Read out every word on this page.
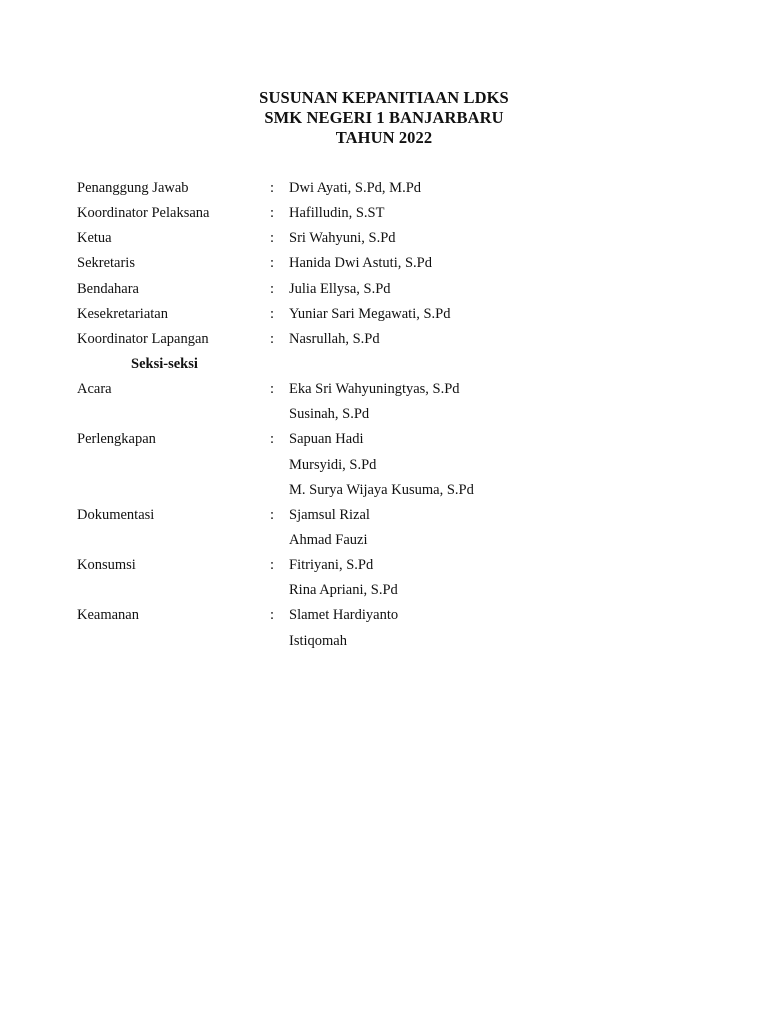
SUSUNAN KEPANITIAAN LDKS
SMK NEGERI 1 BANJARBARU
TAHUN 2022
Penanggung Jawab	: Dwi Ayati, S.Pd, M.Pd
Koordinator Pelaksana	: Hafilludin, S.ST
Ketua	: Sri Wahyuni, S.Pd
Sekretaris	: Hanida Dwi Astuti, S.Pd
Bendahara	: Julia Ellysa, S.Pd
Kesekretariatan	: Yuniar Sari Megawati, S.Pd
Koordinator Lapangan	: Nasrullah, S.Pd
Seksi-seksi
Acara	: Eka Sri Wahyuningtyas, S.Pd
Susinah, S.Pd
Perlengkapan	: Sapuan Hadi
Mursyidi, S.Pd
M. Surya Wijaya Kusuma, S.Pd
Dokumentasi	: Sjamsul Rizal
Ahmad Fauzi
Konsumsi	: Fitriyani, S.Pd
Rina Apriani, S.Pd
Keamanan	: Slamet Hardiyanto
Istiqomah
